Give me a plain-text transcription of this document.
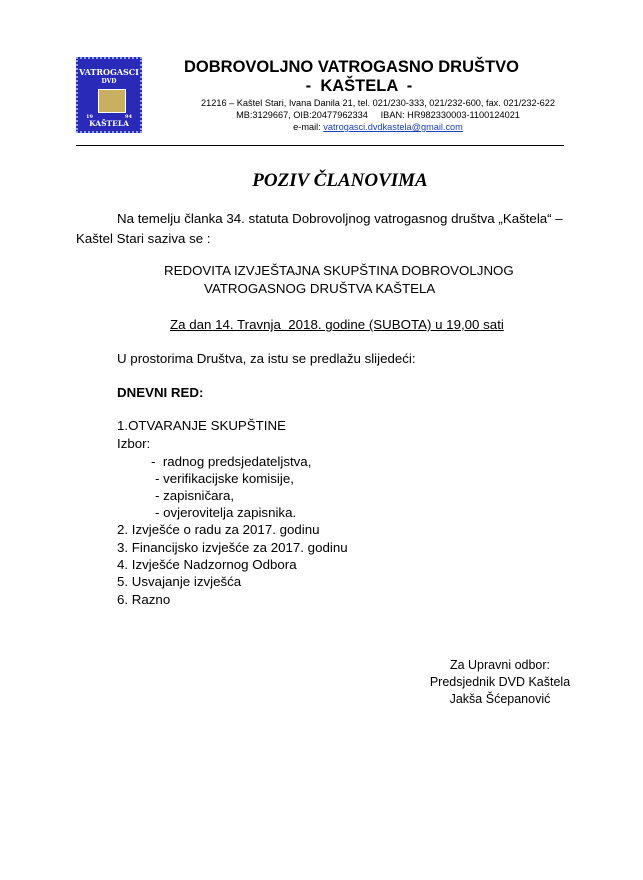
VATROGASCI
DVD
19	94
KAŠTELA
DOBROVOLJNO VATROGASNO DRUŠTVO
-  KAŠTELA  -
21216 – Kaštel Stari, Ivana Danila 21, tel. 021/230-333, 021/232-600, fax. 021/232-622
MB:3129667, OIB:20477962334     IBAN: HR982330003-1100124021
e-mail: vatrogasci.dvdkastela@gmail.com
POZIV ČLANOVIMA
Na temelju članka 34. statuta Dobrovoljnog vatrogasnog društva „Kaštela“ –
Kaštel Stari saziva se :
REDOVITA IZVJEŠTAJNA SKUPŠTINA DOBROVOLJNOG
VATROGASNOG DRUŠTVA KAŠTELA
Za dan 14. Travnja  2018. godine (SUBOTA) u 19,00 sati
U prostorima Društva, za istu se predlažu slijedeći:
DNEVNI RED:
1.OTVARANJE SKUPŠTINE
Izbor:
-  radnog predsjedateljstva,
- verifikacijske komisije,
- zapisničara,
- ovjerovitelja zapisnika.
2. Izvješće o radu za 2017. godinu
3. Financijsko izvješće za 2017. godinu
4. Izvješće Nadzornog Odbora
5. Usvajanje izvješća
6. Razno
Za Upravni odbor:
Predsjednik DVD Kaštela
Jakša Šćepanović
